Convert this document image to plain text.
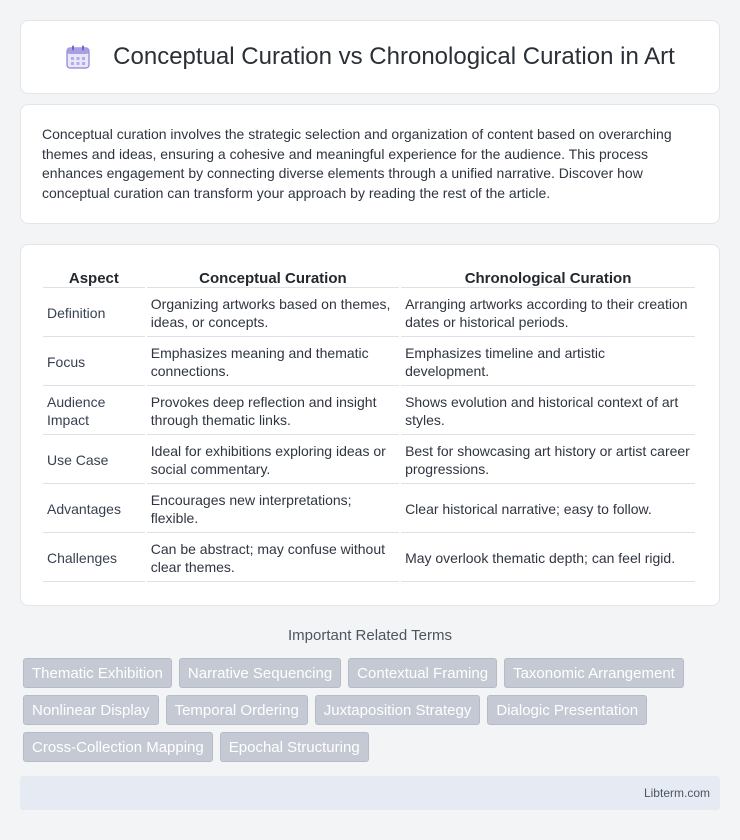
Conceptual Curation vs Chronological Curation in Art

Conceptual curation involves the strategic selection and organization of content based on overarching themes and ideas, ensuring a cohesive and meaningful experience for the audience. This process enhances engagement by connecting diverse elements through a unified narrative. Discover how conceptual curation can transform your approach by reading the rest of the article.

Aspect	Conceptual Curation	Chronological Curation
Definition	Organizing artworks based on themes, ideas, or concepts.	Arranging artworks according to their creation dates or historical periods.
Focus	Emphasizes meaning and thematic connections.	Emphasizes timeline and artistic development.
Audience Impact	Provokes deep reflection and insight through thematic links.	Shows evolution and historical context of art styles.
Use Case	Ideal for exhibitions exploring ideas or social commentary.	Best for showcasing art history or artist career progressions.
Advantages	Encourages new interpretations; flexible.	Clear historical narrative; easy to follow.
Challenges	Can be abstract; may confuse without clear themes.	May overlook thematic depth; can feel rigid.
Important Related Terms
Thematic Exhibition	Narrative Sequencing	Contextual Framing	Taxonomic Arrangement
Nonlinear Display	Temporal Ordering	Juxtaposition Strategy	Dialogic Presentation
Cross-Collection Mapping	Epochal Structuring
Libterm.com
